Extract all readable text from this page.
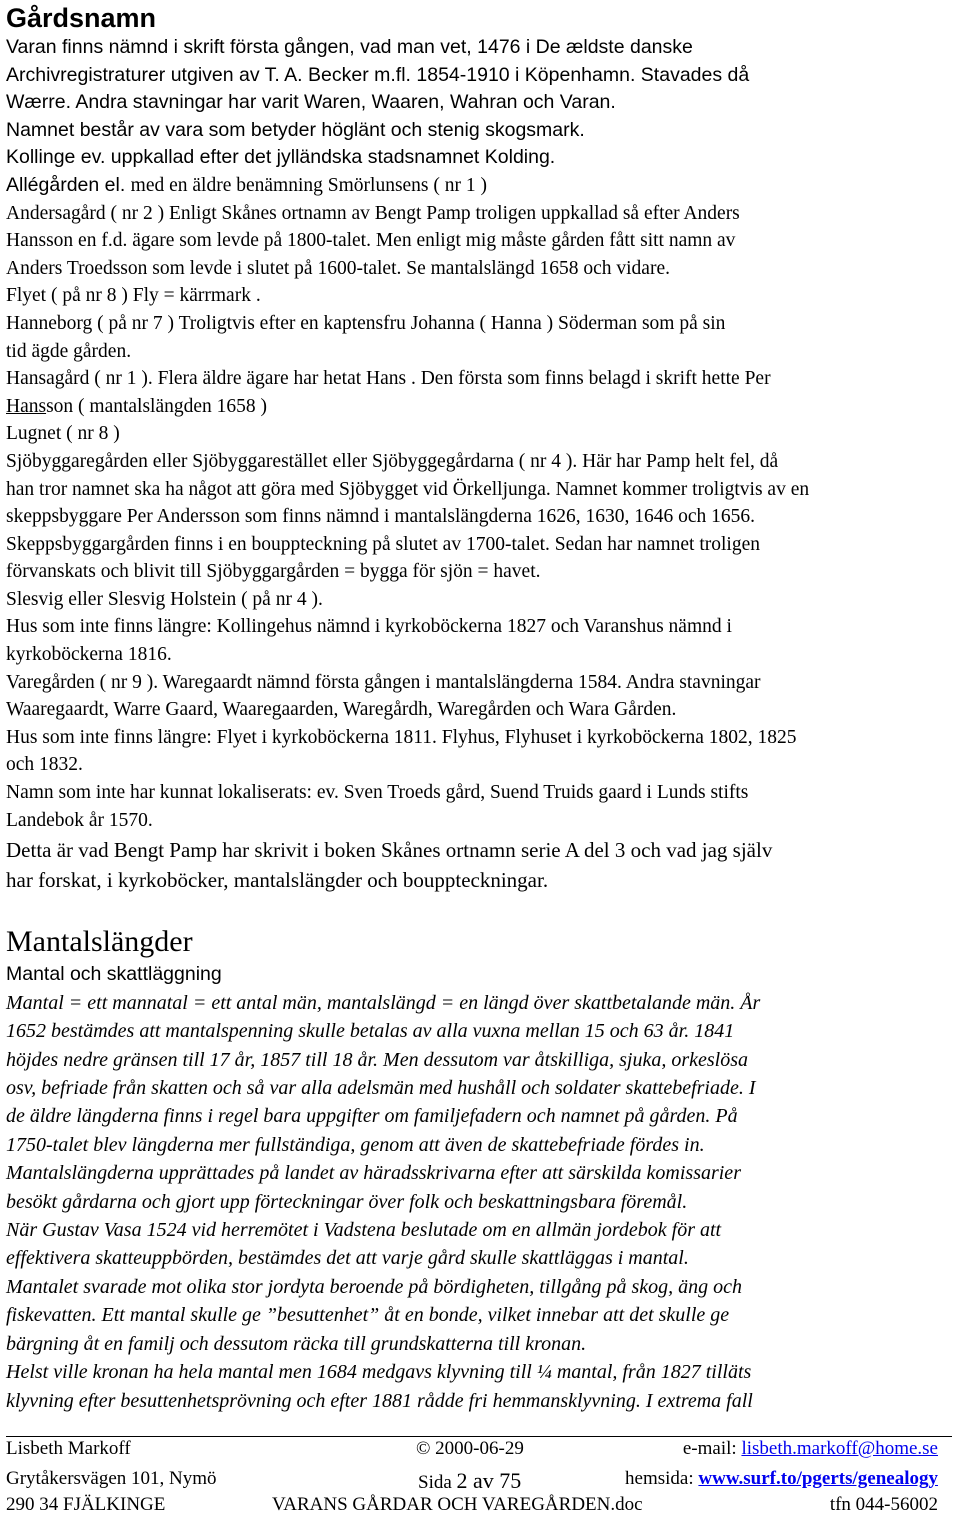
Gårdsnamn
Varan finns nämnd i skrift första gången, vad man vet, 1476 i De ældste danske
Archivregistraturer utgiven av T. A. Becker m.fl. 1854-1910 i Köpenhamn. Stavades då
Wærre. Andra stavningar har varit Waren, Waaren, Wahran och Varan.
Namnet består av vara som betyder höglänt och stenig skogsmark.
Kollinge ev. uppkallad efter det jylländska stadsnamnet Kolding.
Allégården el. med en äldre benämning Smörlunsens ( nr 1 )
Andersagård ( nr 2 ) Enligt Skånes ortnamn av Bengt Pamp troligen uppkallad så efter Anders
Hansson en f.d. ägare som levde på 1800-talet. Men enligt mig måste gården fått sitt namn av
Anders Troedsson som levde i slutet på 1600-talet. Se mantalslängd 1658 och vidare.
Flyet ( på nr 8 ) Fly = kärrmark .
Hanneborg ( på nr 7 ) Troligtvis efter en kaptensfru Johanna ( Hanna ) Söderman som på sin
tid ägde gården.
Hansagård ( nr 1 ). Flera äldre ägare har hetat Hans . Den första som finns belagd i skrift hette Per
Hansson ( mantalslängden 1658 )
Lugnet ( nr 8 )
Sjöbyggaregården eller Sjöbyggarestället eller Sjöbyggegårdarna ( nr 4 ). Här har Pamp helt fel, då
han tror namnet ska ha något att göra med Sjöbygget vid Örkelljunga. Namnet kommer troligtvis av en
skeppsbyggare Per Andersson som finns nämnd i mantalslängderna 1626, 1630, 1646 och 1656.
Skeppsbyggargården finns i en bouppteckning på slutet av 1700-talet. Sedan har namnet troligen
förvanskats och blivit till Sjöbyggargården = bygga för sjön = havet.
Slesvig eller Slesvig Holstein ( på nr 4 ).
Hus som inte finns längre: Kollingehus nämnd i kyrkoböckerna 1827 och Varanshus nämnd i
kyrkoböckerna 1816.
Varegården ( nr 9 ). Waregaardt nämnd första gången i mantalslängderna 1584. Andra stavningar
Waaregaardt, Warre Gaard, Waaregaarden, Waregårdh, Waregården och Wara Gården.
Hus som inte finns längre: Flyet i kyrkoböckerna 1811. Flyhus, Flyhuset i kyrkoböckerna 1802, 1825
och 1832.
Namn som inte har kunnat lokaliserats: ev. Sven Troeds gård, Suend Truids gaard i Lunds stifts
Landebok år 1570.
Detta är vad Bengt Pamp har skrivit i boken Skånes ortnamn serie A del 3 och vad jag själv
har forskat, i kyrkoböcker, mantalslängder och bouppteckningar.
Mantalslängder
Mantal och skattläggning
Mantal = ett mannatal = ett antal män, mantalslängd = en längd över skattbetalande män. År
1652 bestämdes att mantalspenning skulle betalas av alla vuxna mellan 15 och 63 år. 1841
höjdes nedre gränsen till 17 år, 1857 till 18 år. Men dessutom var åtskilliga, sjuka, orkeslösa
osv, befriade från skatten och så var alla adelsmän med hushåll och soldater skattebefriade. I
de äldre längderna finns i regel bara uppgifter om familjefadern och namnet på gården. På
1750-talet blev längderna mer fullständiga, genom att även de skattebefriade fördes in.
Mantalslängderna upprättades på landet av häradsskrivarna efter att särskilda komissarier
besökt gårdarna och gjort upp förteckningar över folk och beskattningsbara föremål.
När Gustav Vasa 1524 vid herremötet i Vadstena beslutade om en allmän jordebok för att
effektivera skatteuppbörden, bestämdes det att varje gård skulle skattläggas i mantal.
Mantalet svarade mot olika stor jordyta beroende på bördigheten, tillgång på skog, äng och
fiskevatten. Ett mantal skulle ge ”besuttenhet” åt en bonde, vilket innebar att det skulle ge
bärgning åt en familj och dessutom räcka till grundskatterna till kronan.
Helst ville kronan ha hela mantal men 1684 medgavs klyvning till ¼ mantal, från 1827 tilläts
klyvning efter besuttenhetsprövning och efter 1881 rådde fri hemmansklyvning. I extrema fall
Lisbeth Markoff	© 2000-06-29	e-mail: lisbeth.markoff@home.se
Grytåkersvägen 101, Nymö	Sida 2 av 75	hemsida: www.surf.to/pgerts/genealogy
290 34 FJÄLKINGE	VARANS GÅRDAR OCH VAREGÅRDEN.doc	tfn 044-56002
